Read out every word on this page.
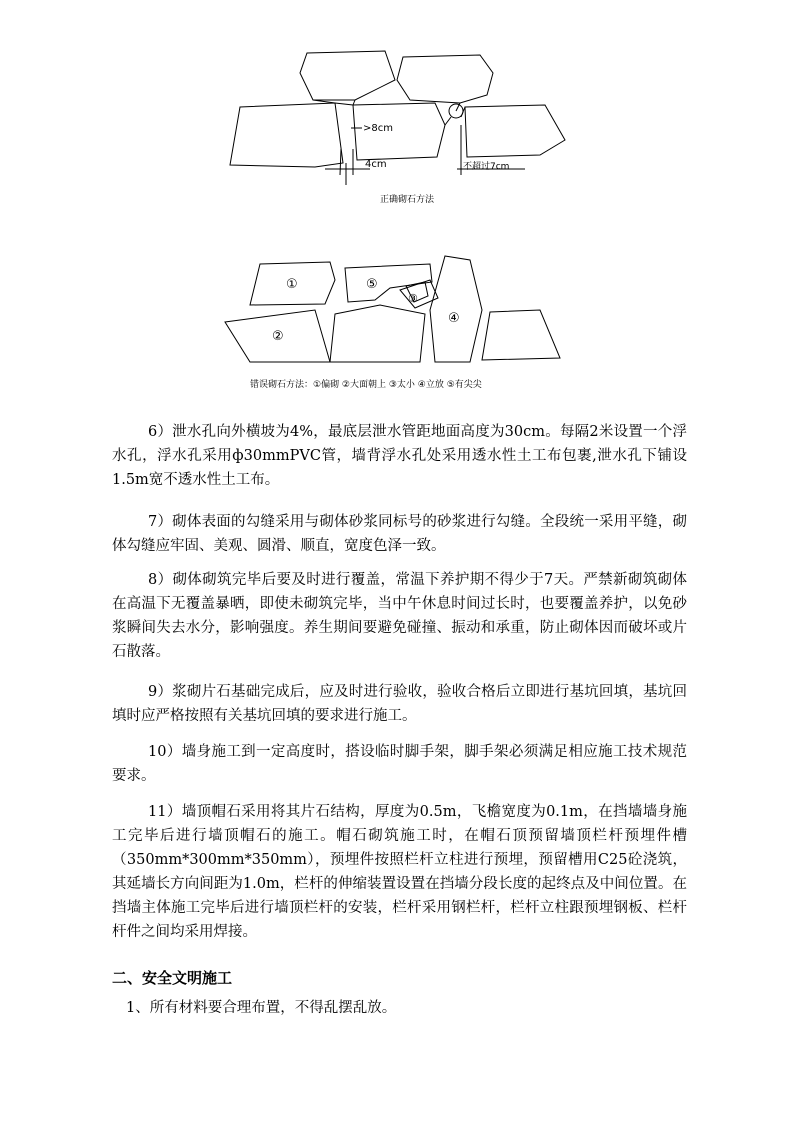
>8cm
4cm	不超过7cm
正确砌石方法
①
②
③
④
⑤
错误砌石方法：①偏砌 ②大面朝上 ③太小 ④立放 ⑤有尖尖

6）泄水孔向外横坡为4%，最底层泄水管距地面高度为30cm。每隔2米设置一个浮水孔，浮水孔采用ф30mmPVC管，墙背浮水孔处采用透水性土工布包裹,泄水孔下铺设1.5m宽不透水性土工布。

7）砌体表面的勾缝采用与砌体砂浆同标号的砂浆进行勾缝。全段统一采用平缝，砌体勾缝应牢固、美观、圆滑、顺直，宽度色泽一致。

8）砌体砌筑完毕后要及时进行覆盖，常温下养护期不得少于7天。严禁新砌筑砌体在高温下无覆盖暴晒，即使未砌筑完毕，当中午休息时间过长时，也要覆盖养护，以免砂浆瞬间失去水分，影响强度。养生期间要避免碰撞、振动和承重，防止砌体因而破坏或片石散落。

9）浆砌片石基础完成后，应及时进行验收，验收合格后立即进行基坑回填，基坑回填时应严格按照有关基坑回填的要求进行施工。

10）墙身施工到一定高度时，搭设临时脚手架，脚手架必须满足相应施工技术规范要求。

11）墙顶帽石采用将其片石结构，厚度为0.5m，飞檐宽度为0.1m，在挡墙墙身施工完毕后进行墙顶帽石的施工。帽石砌筑施工时，在帽石顶预留墙顶栏杆预埋件槽（350mm*300mm*350mm），预埋件按照栏杆立柱进行预埋，预留槽用C25砼浇筑，其延墙长方向间距为1.0m，栏杆的伸缩装置设置在挡墙分段长度的起终点及中间位置。在挡墙主体施工完毕后进行墙顶栏杆的安装，栏杆采用钢栏杆，栏杆立柱跟预埋钢板、栏杆杆件之间均采用焊接。

二、安全文明施工

1、所有材料要合理布置，不得乱摆乱放。
